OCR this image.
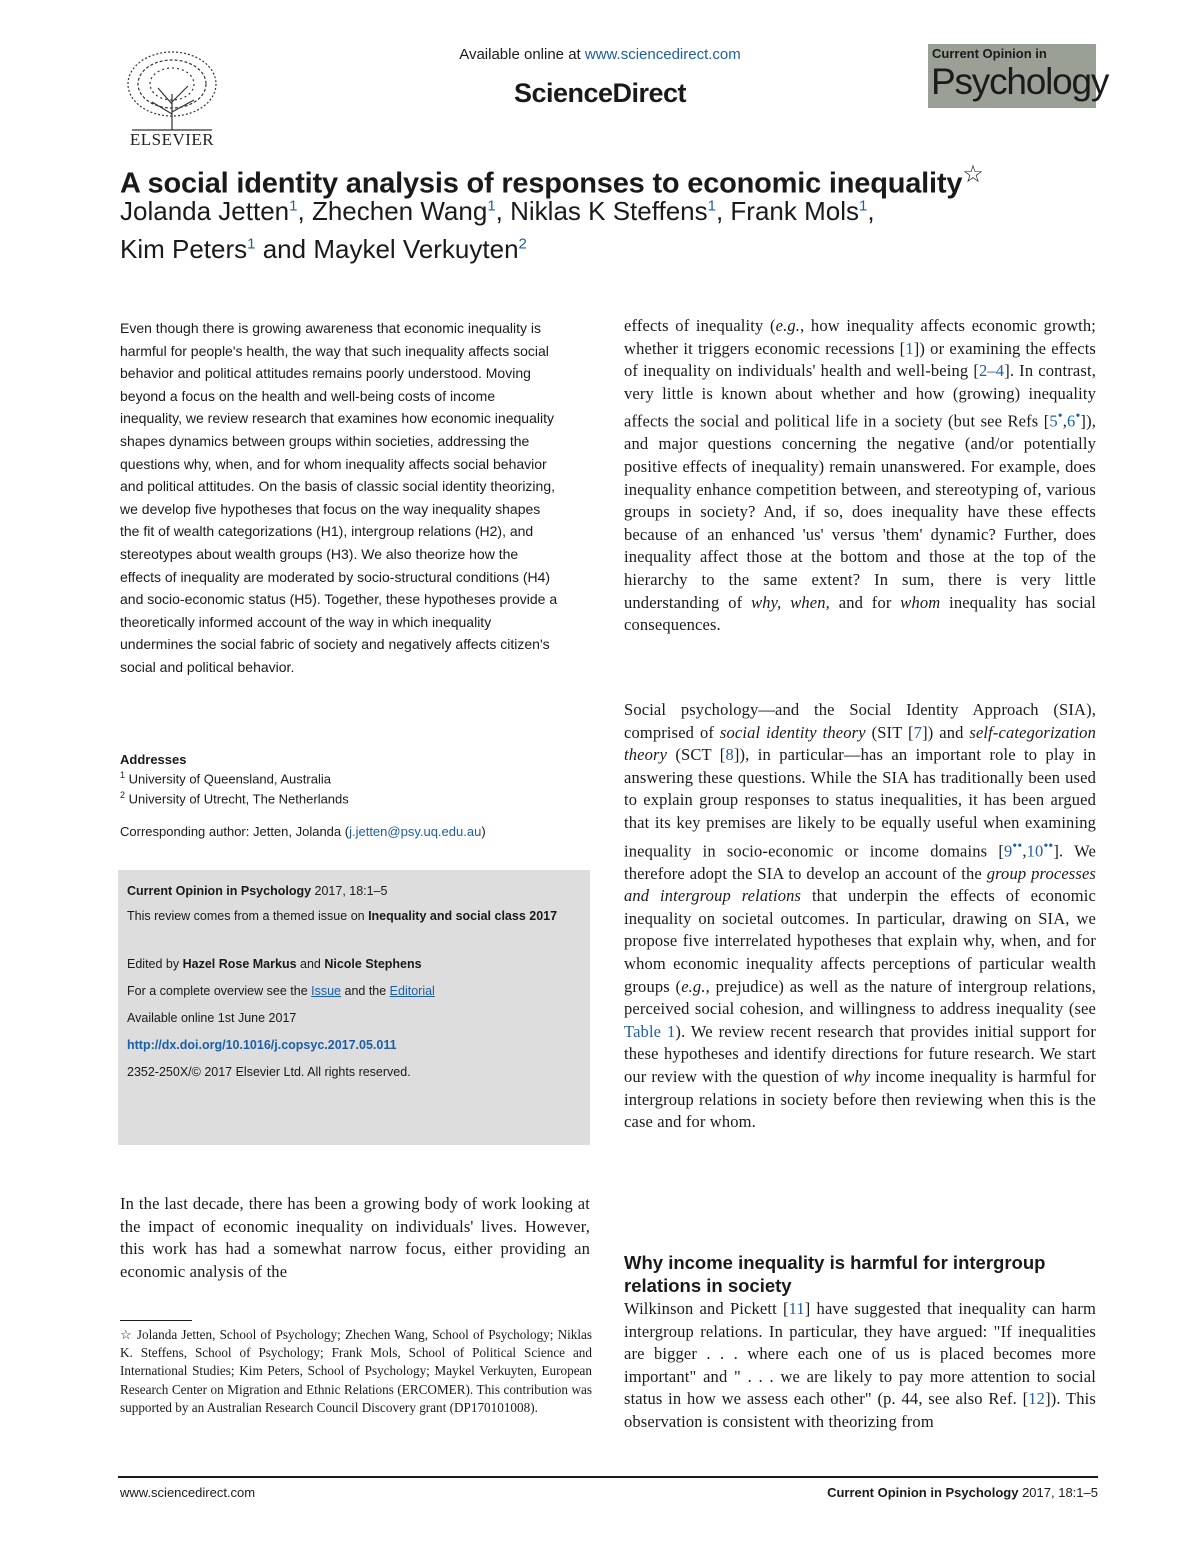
ELSEVIER
Available online at www.sciencedirect.com
ScienceDirect
Current Opinion in
Psychology
A social identity analysis of responses to economic inequality☆
Jolanda Jetten$^1$, Zhechen Wang$^1$, Niklas K Steffens$^1$, Frank Mols$^1$,
Kim Peters$^1$ and Maykel Verkuyten$^2$
Even though there is growing awareness that economic inequality is harmful for people's health, the way that such inequality affects social behavior and political attitudes remains poorly understood. Moving beyond a focus on the health and well-being costs of income inequality, we review research that examines how economic inequality shapes dynamics between groups within societies, addressing the questions why, when, and for whom inequality affects social behavior and political attitudes. On the basis of classic social identity theorizing, we develop five hypotheses that focus on the way inequality shapes the fit of wealth categorizations (H1), intergroup relations (H2), and stereotypes about wealth groups (H3). We also theorize how the effects of inequality are moderated by socio-structural conditions (H4) and socio-economic status (H5). Together, these hypotheses provide a theoretically informed account of the way in which inequality undermines the social fabric of society and negatively affects citizen's social and political behavior.
Addresses
$^1$ University of Queensland, Australia
$^2$ University of Utrecht, The Netherlands
Corresponding author: Jetten, Jolanda (j.jetten@psy.uq.edu.au)
Current Opinion in Psychology 2017, 18:1–5
This review comes from a themed issue on Inequality and social class 2017
Edited by Hazel Rose Markus and Nicole Stephens
For a complete overview see the Issue and the Editorial
Available online 1st June 2017
http://dx.doi.org/10.1016/j.copsyc.2017.05.011
2352-250X/© 2017 Elsevier Ltd. All rights reserved.
In the last decade, there has been a growing body of work looking at the impact of economic inequality on individuals' lives. However, this work has had a somewhat narrow focus, either providing an economic analysis of the
☆ Jolanda Jetten, School of Psychology; Zhechen Wang, School of Psychology; Niklas K. Steffens, School of Psychology; Frank Mols, School of Political Science and International Studies; Kim Peters, School of Psychology; Maykel Verkuyten, European Research Center on Migration and Ethnic Relations (ERCOMER). This contribution was supported by an Australian Research Council Discovery grant (DP170101008).
effects of inequality (e.g., how inequality affects economic growth; whether it triggers economic recessions [1]) or examining the effects of inequality on individuals' health and well-being [2–4]. In contrast, very little is known about whether and how (growing) inequality affects the social and political life in a society (but see Refs [5•,6•]), and major questions concerning the negative (and/or potentially positive effects of inequality) remain unanswered. For example, does inequality enhance competition between, and stereotyping of, various groups in society? And, if so, does inequality have these effects because of an enhanced 'us' versus 'them' dynamic? Further, does inequality affect those at the bottom and those at the top of the hierarchy to the same extent? In sum, there is very little understanding of why, when, and for whom inequality has social consequences.
Social psychology—and the Social Identity Approach (SIA), comprised of social identity theory (SIT [7]) and self-categorization theory (SCT [8]), in particular—has an important role to play in answering these questions. While the SIA has traditionally been used to explain group responses to status inequalities, it has been argued that its key premises are likely to be equally useful when examining inequality in socio-economic or income domains [9••,10••]. We therefore adopt the SIA to develop an account of the group processes and intergroup relations that underpin the effects of economic inequality on societal outcomes. In particular, drawing on SIA, we propose five interrelated hypotheses that explain why, when, and for whom economic inequality affects perceptions of particular wealth groups (e.g., prejudice) as well as the nature of intergroup relations, perceived social cohesion, and willingness to address inequality (see Table 1). We review recent research that provides initial support for these hypotheses and identify directions for future research. We start our review with the question of why income inequality is harmful for intergroup relations in society before then reviewing when this is the case and for whom.
Why income inequality is harmful for intergroup relations in society
Wilkinson and Pickett [11] have suggested that inequality can harm intergroup relations. In particular, they have argued: "If inequalities are bigger . . . where each one of us is placed becomes more important" and " . . . we are likely to pay more attention to social status in how we assess each other" (p. 44, see also Ref. [12]). This observation is consistent with theorizing from
www.sciencedirect.com	Current Opinion in Psychology 2017, 18:1–5
